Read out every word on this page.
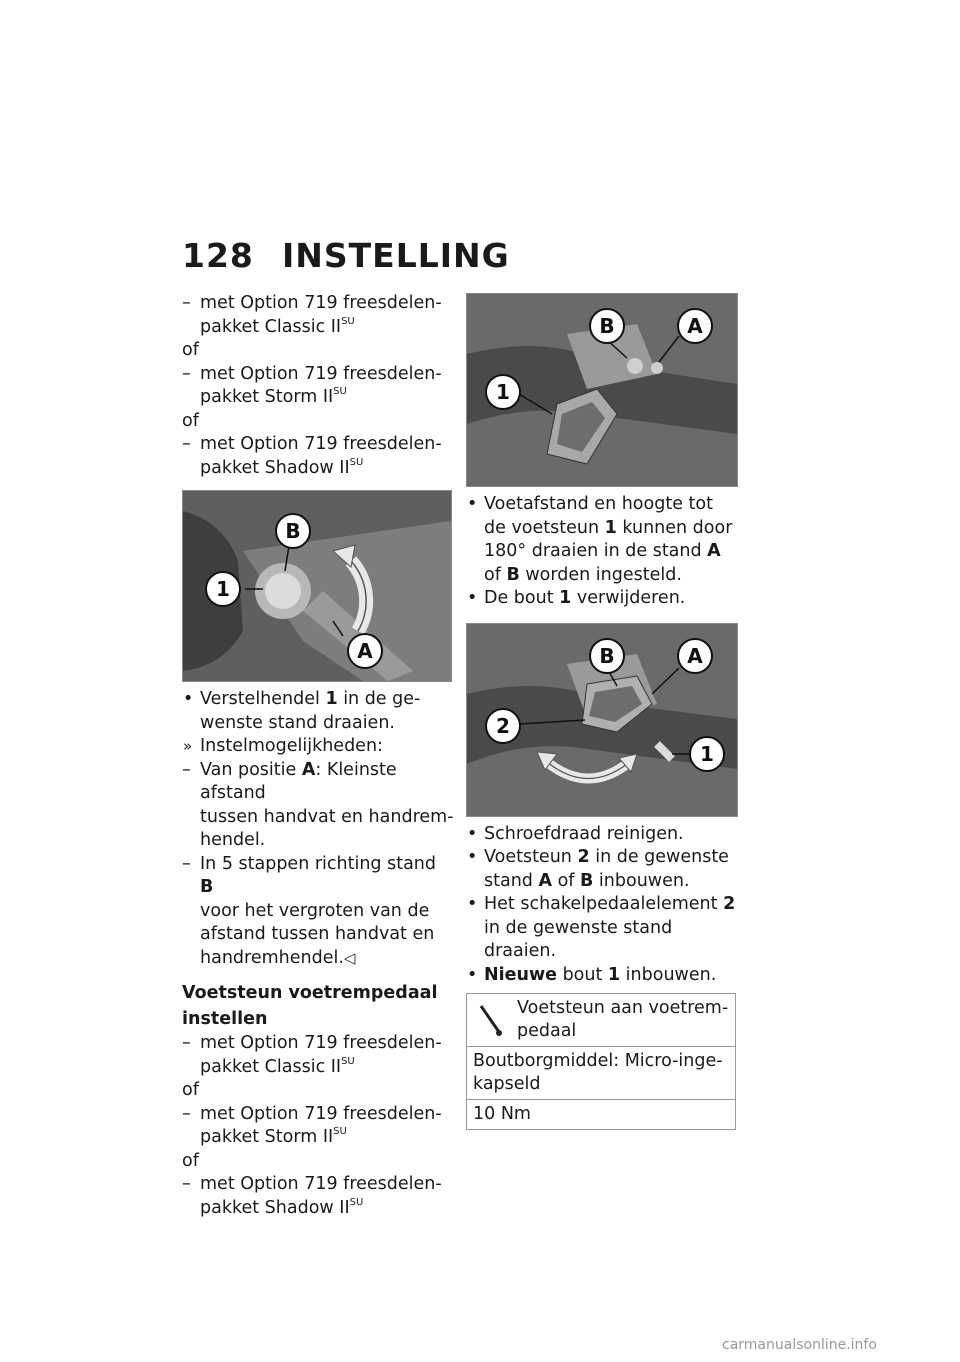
128 INSTELLING

– met Option 719 freesdelen-

pakket Classic $II^{SU}$

of

– met Option 719 freesdelen-

pakket Storm $II^{SU}$

of

– met Option 719 freesdelen-

pakket Shadow $II^{SU}$

B
1
A

• Verstelhendel 1 in de ge-

wenste stand draaien.

» Instelmogelijkheden:

– Van positie A: Kleinste afstand

tussen handvat en handrem-

hendel.

– In 5 stappen richting stand B

voor het vergroten van de

afstand tussen handvat en

handremhendel.◁

Voetsteun voetrempedaal

instellen

– met Option 719 freesdelen-

pakket Classic $II^{SU}$

of

– met Option 719 freesdelen-

pakket Storm $II^{SU}$

of

– met Option 719 freesdelen-

pakket Shadow $II^{SU}$

B	A
1

• Voetafstand en hoogte tot

de voetsteun 1 kunnen door

180° draaien in de stand A

of B worden ingesteld.

• De bout 1 verwijderen.

B	A
2
1

• Schroefdraad reinigen.

• Voetsteun 2 in de gewenste

stand A of B inbouwen.

• Het schakelpedaalelement 2

in de gewenste stand draaien.

• Nieuwe bout 1 inbouwen.

Voetsteun aan voetrem-
pedaal

Boutborgmiddel: Micro-inge-kapseld
10 Nm
carmanualsonline.info
